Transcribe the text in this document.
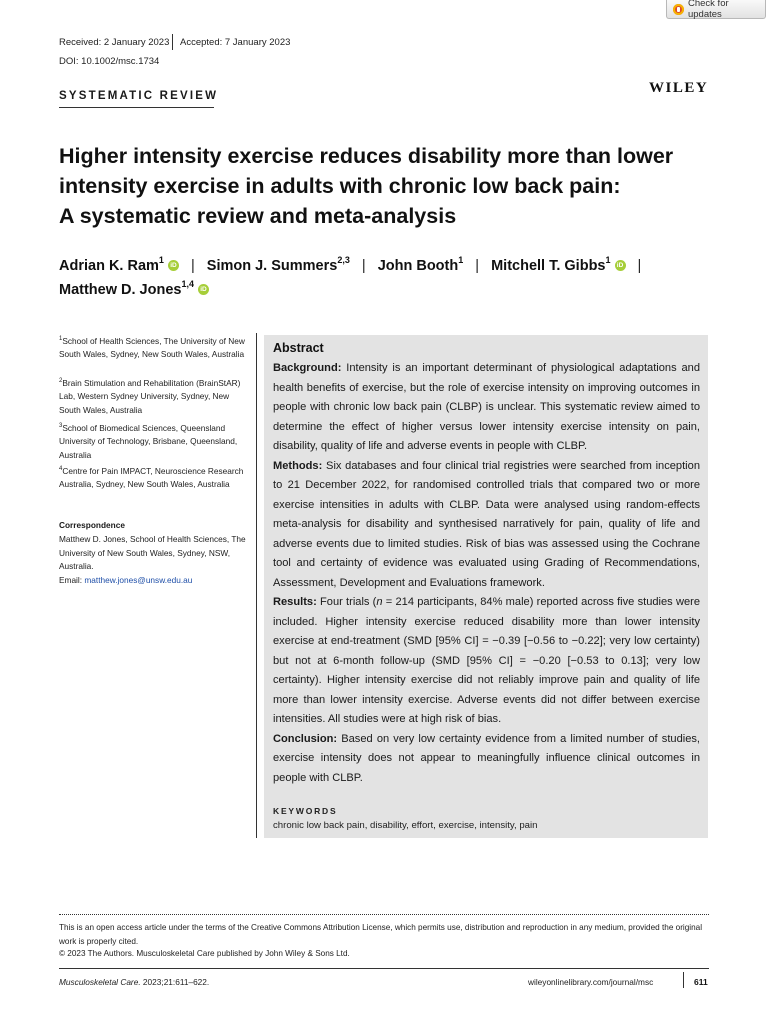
Check for updates
Received: 2 January 2023 Accepted: 7 January 2023
DOI: 10.1002/msc.1734
SYSTEMATIC REVIEW	WILEY
Higher intensity exercise reduces disability more than lower
intensity exercise in adults with chronic low back pain:
A systematic review and meta-analysis
Adrian K. Ram$^1$iD | Simon J. Summers$^{2,3}$ | John Booth$^1$ | Mitchell T. Gibbs$^1$iD |
Matthew D. Jones$^{1,4}$iD
$^1$School of Health Sciences, The University of New South Wales, Sydney, New South Wales, Australia
$^2$Brain Stimulation and Rehabilitation (BrainStAR) Lab, Western Sydney University, Sydney, New South Wales, Australia
$^3$School of Biomedical Sciences, Queensland University of Technology, Brisbane, Queensland, Australia
$^4$Centre for Pain IMPACT, Neuroscience Research Australia, Sydney, New South Wales, Australia
Correspondence
Matthew D. Jones, School of Health Sciences, The University of New South Wales, Sydney, NSW, Australia.
Email: matthew.jones@unsw.edu.au
Abstract

Background: Intensity is an important determinant of physiological adaptations and health benefits of exercise, but the role of exercise intensity on improving outcomes in people with chronic low back pain (CLBP) is unclear. This systematic review aimed to determine the effect of higher versus lower intensity exercise intensity on pain, disability, quality of life and adverse events in people with CLBP.

Methods: Six databases and four clinical trial registries were searched from inception to 21 December 2022, for randomised controlled trials that compared two or more exercise intensities in adults with CLBP. Data were analysed using random-effects meta-analysis for disability and synthesised narratively for pain, quality of life and adverse events due to limited studies. Risk of bias was assessed using the Cochrane tool and certainty of evidence was evaluated using Grading of Recommendations, Assessment, Development and Evaluations framework.

Results: Four trials (n = 214 participants, 84% male) reported across five studies were included. Higher intensity exercise reduced disability more than lower intensity exercise at end-treatment (SMD [95% CI] = −0.39 [−0.56 to −0.22]; very low certainty) but not at 6-month follow-up (SMD [95% CI] = −0.20 [−0.53 to 0.13]; very low certainty). Higher intensity exercise did not reliably improve pain and quality of life more than lower intensity exercise. Adverse events did not differ between exercise intensities. All studies were at high risk of bias.

Conclusion: Based on very low certainty evidence from a limited number of studies, exercise intensity does not appear to meaningfully influence clinical outcomes in people with CLBP.

KEYWORDS
chronic low back pain, disability, effort, exercise, intensity, pain
This is an open access article under the terms of the Creative Commons Attribution License, which permits use, distribution and reproduction in any medium, provided the original work is properly cited.
© 2023 The Authors. Musculoskeletal Care published by John Wiley & Sons Ltd.
Musculoskeletal Care. 2023;21:611–622.	wileyonlinelibrary.com/journal/msc	611
